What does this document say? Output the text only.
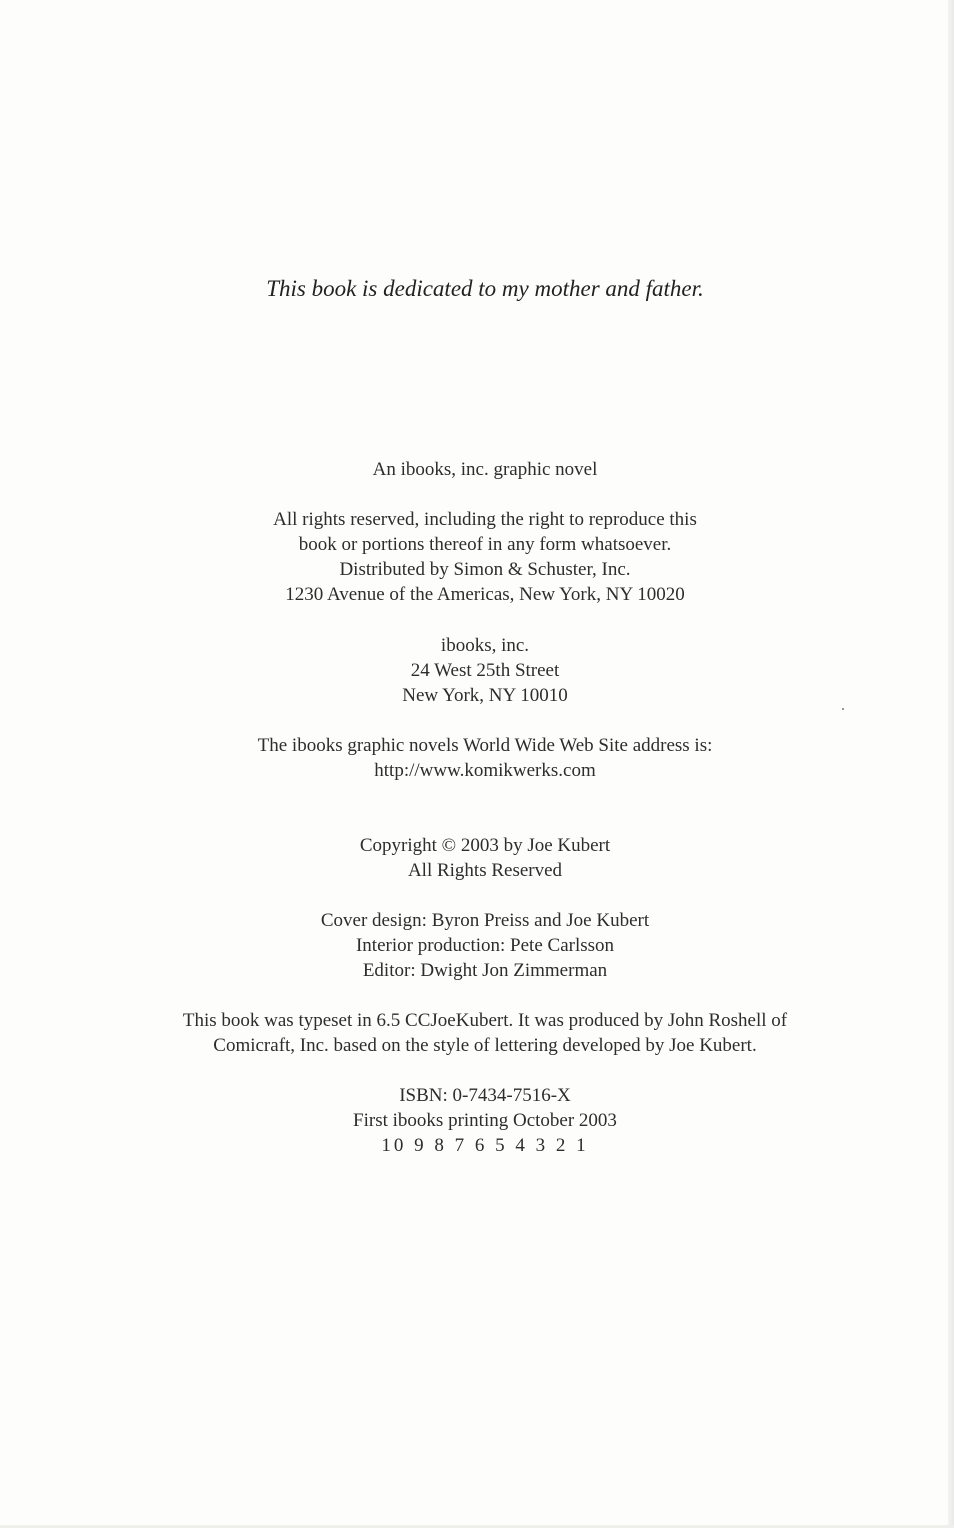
This book is dedicated to my mother and father.
An ibooks, inc. graphic novel
All rights reserved, including the right to reproduce this
book or portions thereof in any form whatsoever.
Distributed by Simon & Schuster, Inc.
1230 Avenue of the Americas, New York, NY 10020
ibooks, inc.
24 West 25th Street
New York, NY 10010
The ibooks graphic novels World Wide Web Site address is:
http://www.komikwerks.com
Copyright © 2003 by Joe Kubert
All Rights Reserved
Cover design: Byron Preiss and Joe Kubert
Interior production: Pete Carlsson
Editor: Dwight Jon Zimmerman
This book was typeset in 6.5 CCJoeKubert. It was produced by John Roshell of
Comicraft, Inc. based on the style of lettering developed by Joe Kubert.
ISBN: 0-7434-7516-X
First ibooks printing October 2003
10 9 8 7 6 5 4 3 2 1
